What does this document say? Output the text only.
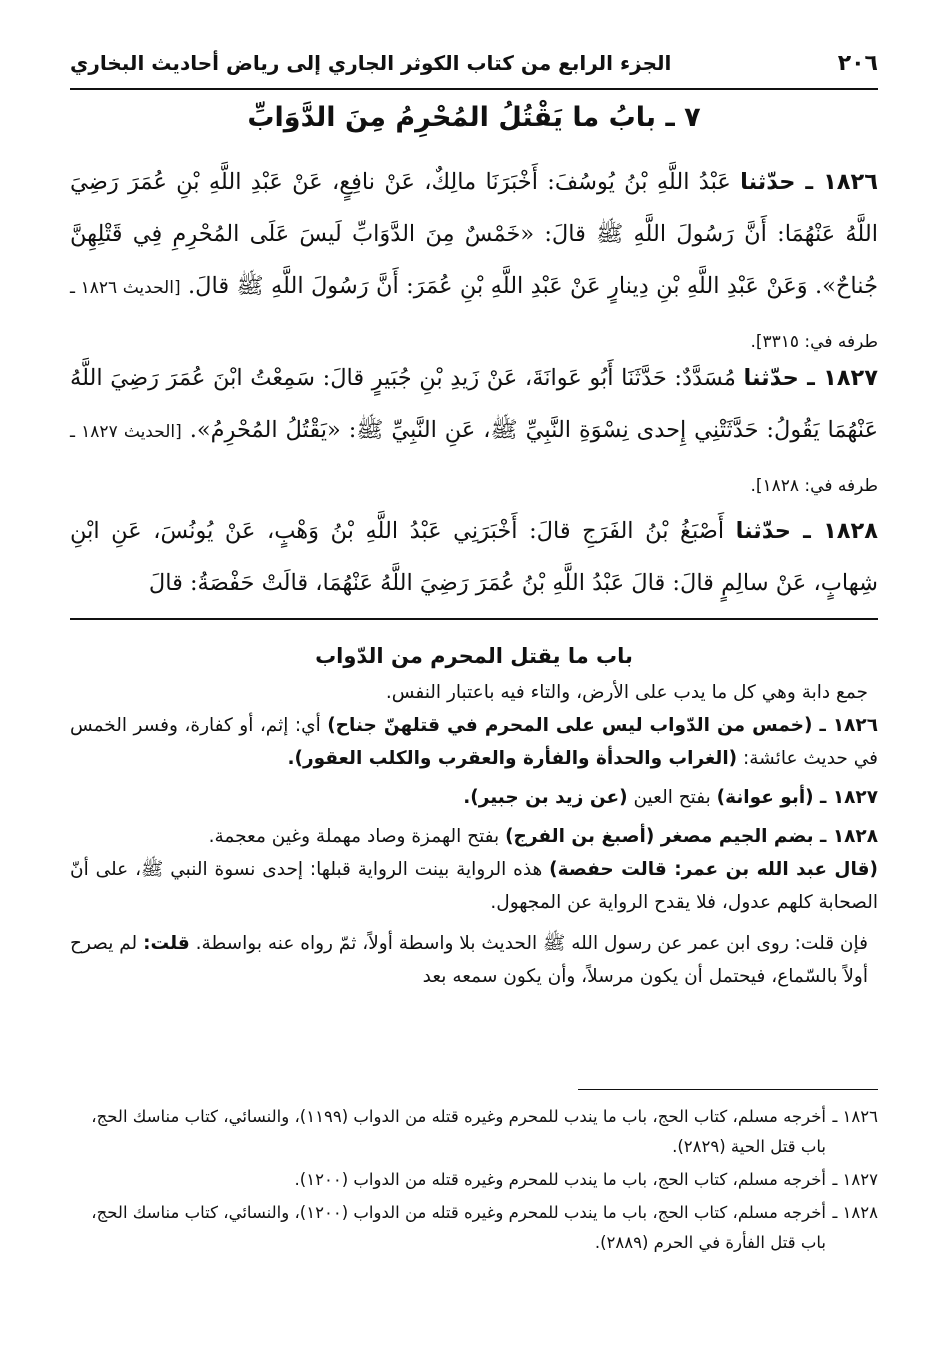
٢٠٦
الجزء الرابع من كتاب الكوثر الجاري إلى رياض أحاديث البخاري
٧ ـ بابُ ما يَقْتُلُ المُحْرِمُ مِنَ الدَّوَابِّ
١٨٢٦ ـ حدّثنا عَبْدُ اللَّهِ بْنُ يُوسُفَ: أَخْبَرَنَا مالِكٌ، عَنْ نافِعٍ، عَنْ عَبْدِ اللَّهِ بْنِ عُمَرَ رَضِيَ اللَّهُ عَنْهُمَا: أَنَّ رَسُولَ اللَّهِ ﷺ قالَ: «خَمْسٌ مِنَ الدَّوَابِّ لَيسَ عَلَى المُحْرِمِ فِي قَتْلِهِنَّ جُناحٌ». وَعَنْ عَبْدِ اللَّهِ بْنِ دِينارٍ عَنْ عَبْدِ اللَّهِ بْنِ عُمَرَ: أَنَّ رَسُولَ اللَّهِ ﷺ قالَ. [الحديث ١٨٢٦ ـ طرفه في: ٣٣١٥].
١٨٢٧ ـ حدّثنا مُسَدَّدٌ: حَدَّثَنَا أَبُو عَوانَةَ، عَنْ زَيدِ بْنِ جُبَيرٍ قالَ: سَمِعْتُ ابْنَ عُمَرَ رَضِيَ اللَّهُ عَنْهُمَا يَقُولُ: حَدَّثَتْنِي إِحدى نِسْوَةِ النَّبِيِّ ﷺ، عَنِ النَّبِيِّ ﷺ: «يَقْتُلُ المُحْرِمُ». [الحديث ١٨٢٧ ـ طرفه في: ١٨٢٨].
١٨٢٨ ـ حدّثنا أَصْبَغُ بْنُ الفَرَجِ قالَ: أَخْبَرَنِي عَبْدُ اللَّهِ بْنُ وَهْبٍ، عَنْ يُونُسَ، عَنِ ابْنِ شِهابٍ، عَنْ سالِمٍ قالَ: قالَ عَبْدُ اللَّهِ بْنُ عُمَرَ رَضِيَ اللَّهُ عَنْهُمَا، قالَتْ حَفْصَةُ: قالَ
باب ما يقتل المحرم من الدّواب
جمع دابة وهي كل ما يدب على الأرض، والتاء فيه باعتبار النفس.
١٨٢٦ ـ (خمس من الدّواب ليس على المحرم في قتلهنّ جناح) أي: إثم، أو كفارة، وفسر الخمس في حديث عائشة: (الغراب والحدأة والفأرة والعقرب والكلب العقور).
١٨٢٧ ـ (أبو عوانة) بفتح العين (عن زيد بن جبير).
١٨٢٨ ـ بضم الجيم مصغر (أصبغ بن الفرج) بفتح الهمزة وصاد مهملة وغين معجمة.
(قال عبد الله بن عمر: قالت حفصة) هذه الرواية بينت الرواية قبلها: إحدى نسوة النبي ﷺ، على أنّ الصحابة كلهم عدول، فلا يقدح الرواية عن المجهول.
فإن قلت: روى ابن عمر عن رسول الله ﷺ الحديث بلا واسطة أولاً، ثمّ رواه عنه بواسطة. قلت: لم يصرح أولاً بالسّماع، فيحتمل أن يكون مرسلاً، وأن يكون سمعه بعد
١٨٢٦ ـأخرجه مسلم، كتاب الحج، باب ما يندب للمحرم وغيره قتله من الدواب (١١٩٩)، والنسائي، كتاب مناسك الحج، باب قتل الحية (٢٨٢٩).
١٨٢٧ ـأخرجه مسلم، كتاب الحج، باب ما يندب للمحرم وغيره قتله من الدواب (١٢٠٠).
١٨٢٨ ـأخرجه مسلم، كتاب الحج، باب ما يندب للمحرم وغيره قتله من الدواب (١٢٠٠)، والنسائي، كتاب مناسك الحج، باب قتل الفأرة في الحرم (٢٨٨٩).
